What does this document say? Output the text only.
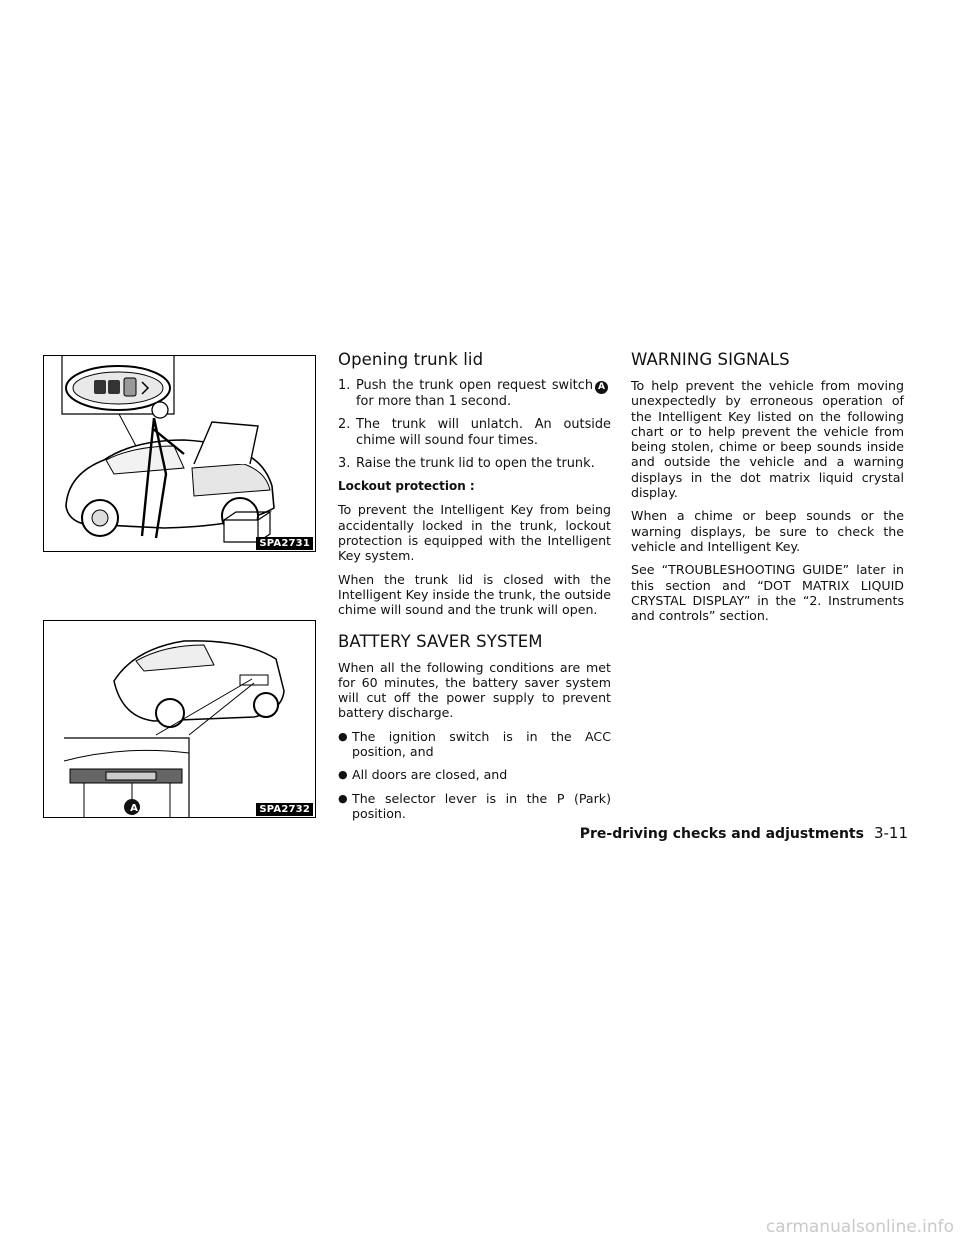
SPA2731
A	SPA2732
Opening trunk lid
1. Push the trunk open request switch Afor more than 1 second.
2. The trunk will unlatch. An outside chime will sound four times.
3. Raise the trunk lid to open the trunk.
Lockout protection :

To prevent the Intelligent Key from being accidentally locked in the trunk, lockout protection is equipped with the Intelligent Key system.

When the trunk lid is closed with the Intelligent Key inside the trunk, the outside chime will sound and the trunk will open.

BATTERY SAVER SYSTEM

When all the following conditions are met for 60 minutes, the battery saver system will cut off the power supply to prevent battery discharge.

● The ignition switch is in the ACC position, and
● All doors are closed, and
● The selector lever is in the P (Park) position.
WARNING SIGNALS

To help prevent the vehicle from moving unexpectedly by erroneous operation of the Intelligent Key listed on the following chart or to help prevent the vehicle from being stolen, chime or beep sounds inside and outside the vehicle and a warning displays in the dot matrix liquid crystal display.

When a chime or beep sounds or the warning displays, be sure to check the vehicle and Intelligent Key.

See “TROUBLESHOOTING GUIDE” later in this section and “DOT MATRIX LIQUID CRYSTAL DISPLAY” in the “2. Instruments and controls” section.

Pre-driving checks and adjustments 3-11
carmanualsonline.info
